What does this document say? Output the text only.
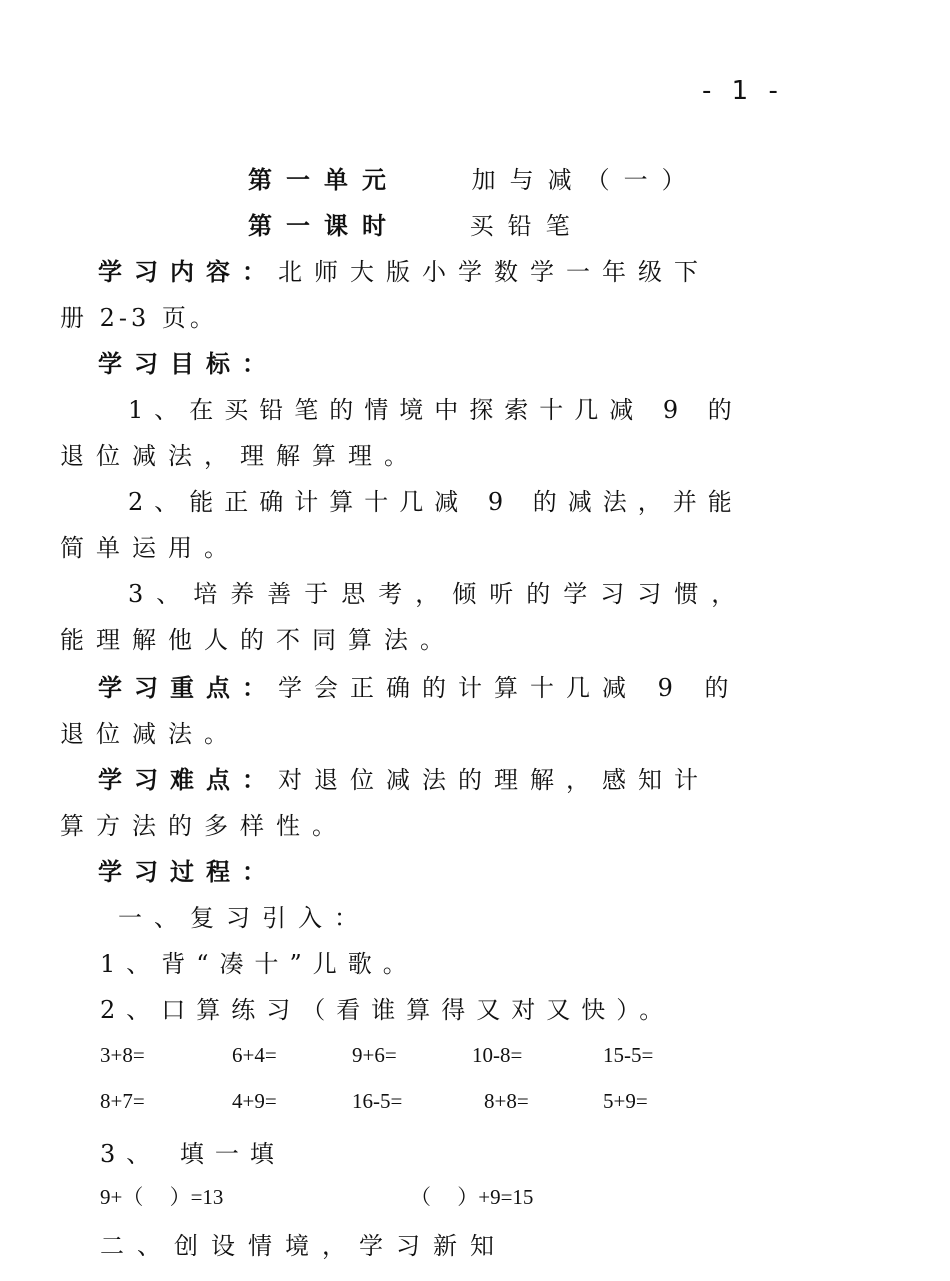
- 1 -
第一单元	加与减（一）
第一课时	买铅笔
学习内容：北师大版小学数学一年级下
册 2-3 页。
学习目标：
1、在买铅笔的情境中探索十几减 9 的
退位减法，理解算理。
2、能正确计算十几减 9 的减法，并能
简单运用。
3、培养善于思考，倾听的学习习惯，
能理解他人的不同算法。
学习重点：学会正确的计算十几减 9 的
退位减法。
学习难点：对退位减法的理解，感知计
算方法的多样性。
学习过程：
一、复习引入：
1、背“凑十”儿歌。
2、口算练习（看谁算得又对又快）。
3+8=	6+4=	9+6=	10-8=	15-5=
8+7=	4+9=	16-5=	8+8=	5+9=
3、 填一填
9+（     ）=13	（     ）+9=15
二、创设情境，学习新知
